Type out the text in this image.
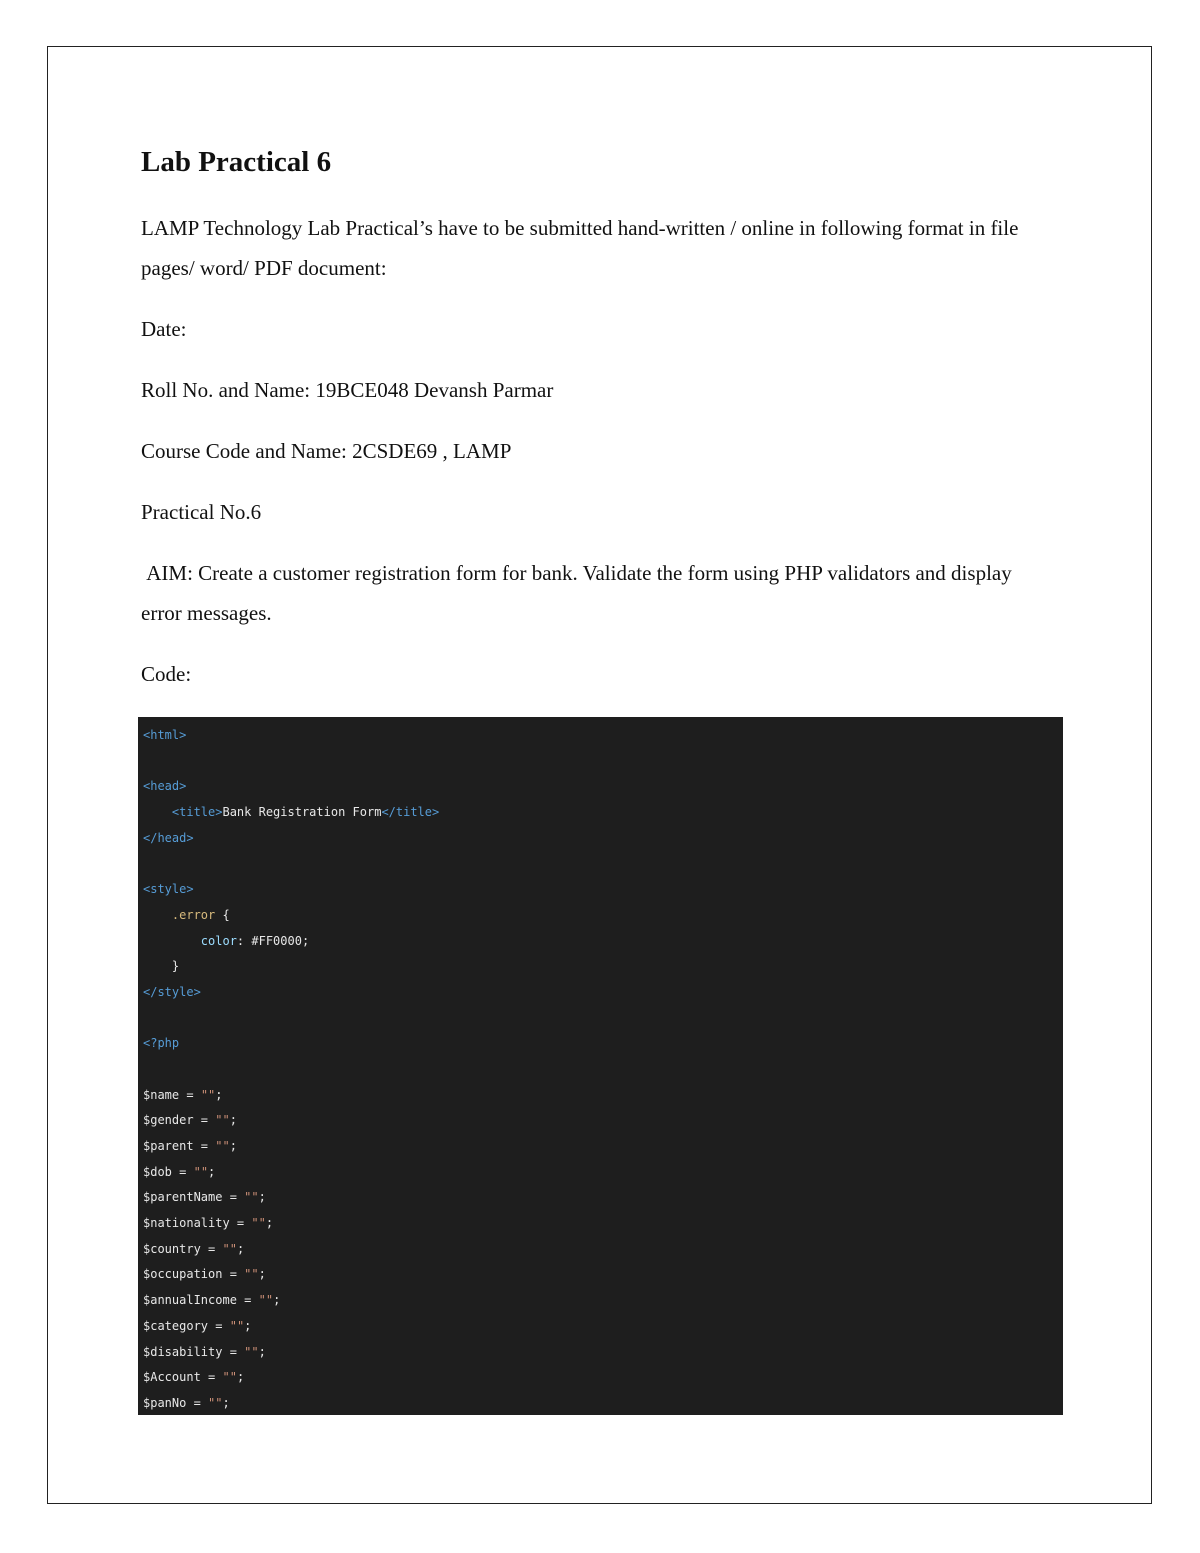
Lab Practical 6

LAMP Technology Lab Practical’s have to be submitted hand-written / online in following format in file pages/ word/ PDF document:

Date:

Roll No. and Name: 19BCE048 Devansh Parmar

Course Code and Name: 2CSDE69 , LAMP

Practical No.6

AIM: Create a customer registration form for bank. Validate the form using PHP validators and display error messages.

Code:

<html>
<head>
<title>Bank Registration Form</title>
</head>
<style>
.error {
color: #FF0000;
}
</style>
<?php
$name = "";
$gender = "";
$parent = "";
$dob = "";
$parentName = "";
$nationality = "";
$country = "";
$occupation = "";
$annualIncome = "";
$category = "";
$disability = "";
$Account = "";
$panNo = "";
